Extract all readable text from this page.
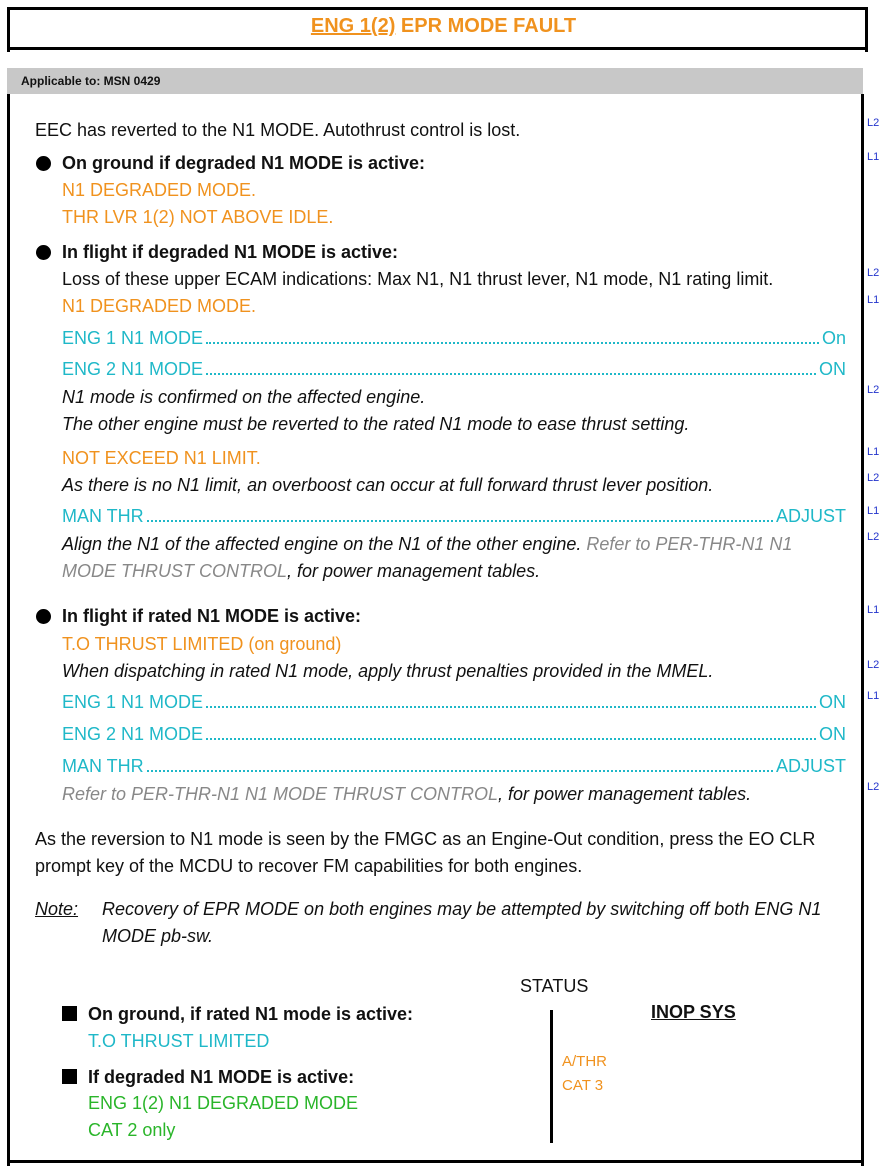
ENG 1(2) EPR MODE FAULT
Applicable to: MSN 0429
EEC has reverted to the N1 MODE. Autothrust control is lost.
On ground if degraded N1 MODE is active:
N1 DEGRADED MODE.
THR LVR 1(2) NOT ABOVE IDLE.
In flight if degraded N1 MODE is active:
Loss of these upper ECAM indications: Max N1, N1 thrust lever, N1 mode, N1 rating limit.
N1 DEGRADED MODE.
ENG 1 N1 MODE	On
ENG 2 N1 MODE	ON
N1 mode is confirmed on the affected engine.
The other engine must be reverted to the rated N1 mode to ease thrust setting.
NOT EXCEED N1 LIMIT.
As there is no N1 limit, an overboost can occur at full forward thrust lever position.
MAN THR	ADJUST
Align the N1 of the affected engine on the N1 of the other engine. Refer to PER-THR-N1 N1
MODE THRUST CONTROL, for power management tables.
In flight if rated N1 MODE is active:
T.O THRUST LIMITED (on ground)
When dispatching in rated N1 mode, apply thrust penalties provided in the MMEL.
ENG 1 N1 MODE	ON
ENG 2 N1 MODE	ON
MAN THR	ADJUST
Refer to PER-THR-N1 N1 MODE THRUST CONTROL, for power management tables.
As the reversion to N1 mode is seen by the FMGC as an Engine-Out condition, press the EO CLR
prompt key of the MCDU to recover FM capabilities for both engines.
Note: Recovery of EPR MODE on both engines may be attempted by switching off both ENG N1
MODE pb-sw.
STATUS
INOP SYS
On ground, if rated N1 mode is active:
T.O THRUST LIMITED
If degraded N1 MODE is active:
ENG 1(2) N1 DEGRADED MODE
CAT 2 only
A/THR
CAT 3
L2
L1
L2
L1
L2
L1
L2
L1
L2
L1
L2
L1
L2
